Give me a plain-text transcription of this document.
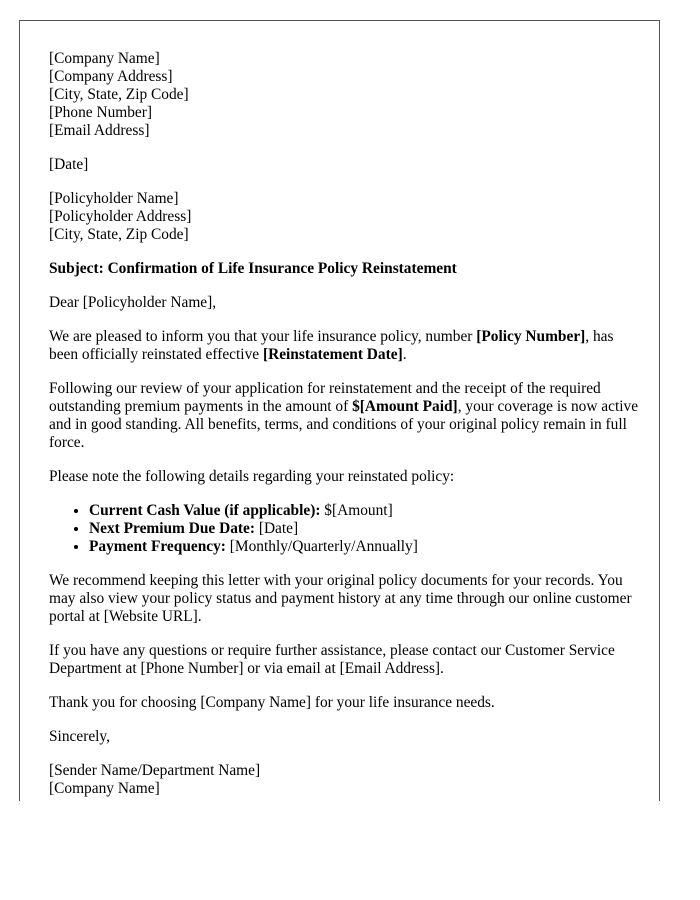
[Company Name]
[Company Address]
[City, State, Zip Code]
[Phone Number]
[Email Address]

[Date]

[Policyholder Name]
[Policyholder Address]
[City, State, Zip Code]

Subject: Confirmation of Life Insurance Policy Reinstatement

Dear [Policyholder Name],

We are pleased to inform you that your life insurance policy, number [Policy Number], has been officially reinstated effective [Reinstatement Date].

Following our review of your application for reinstatement and the receipt of the required outstanding premium payments in the amount of $[Amount Paid], your coverage is now active and in good standing. All benefits, terms, and conditions of your original policy remain in full force.

Please note the following details regarding your reinstated policy:

• Current Cash Value (if applicable): $[Amount]
• Next Premium Due Date: [Date]
• Payment Frequency: [Monthly/Quarterly/Annually]

We recommend keeping this letter with your original policy documents for your records. You may also view your policy status and payment history at any time through our online customer portal at [Website URL].

If you have any questions or require further assistance, please contact our Customer Service Department at [Phone Number] or via email at [Email Address].

Thank you for choosing [Company Name] for your life insurance needs.

Sincerely,

[Sender Name/Department Name]
[Company Name]
